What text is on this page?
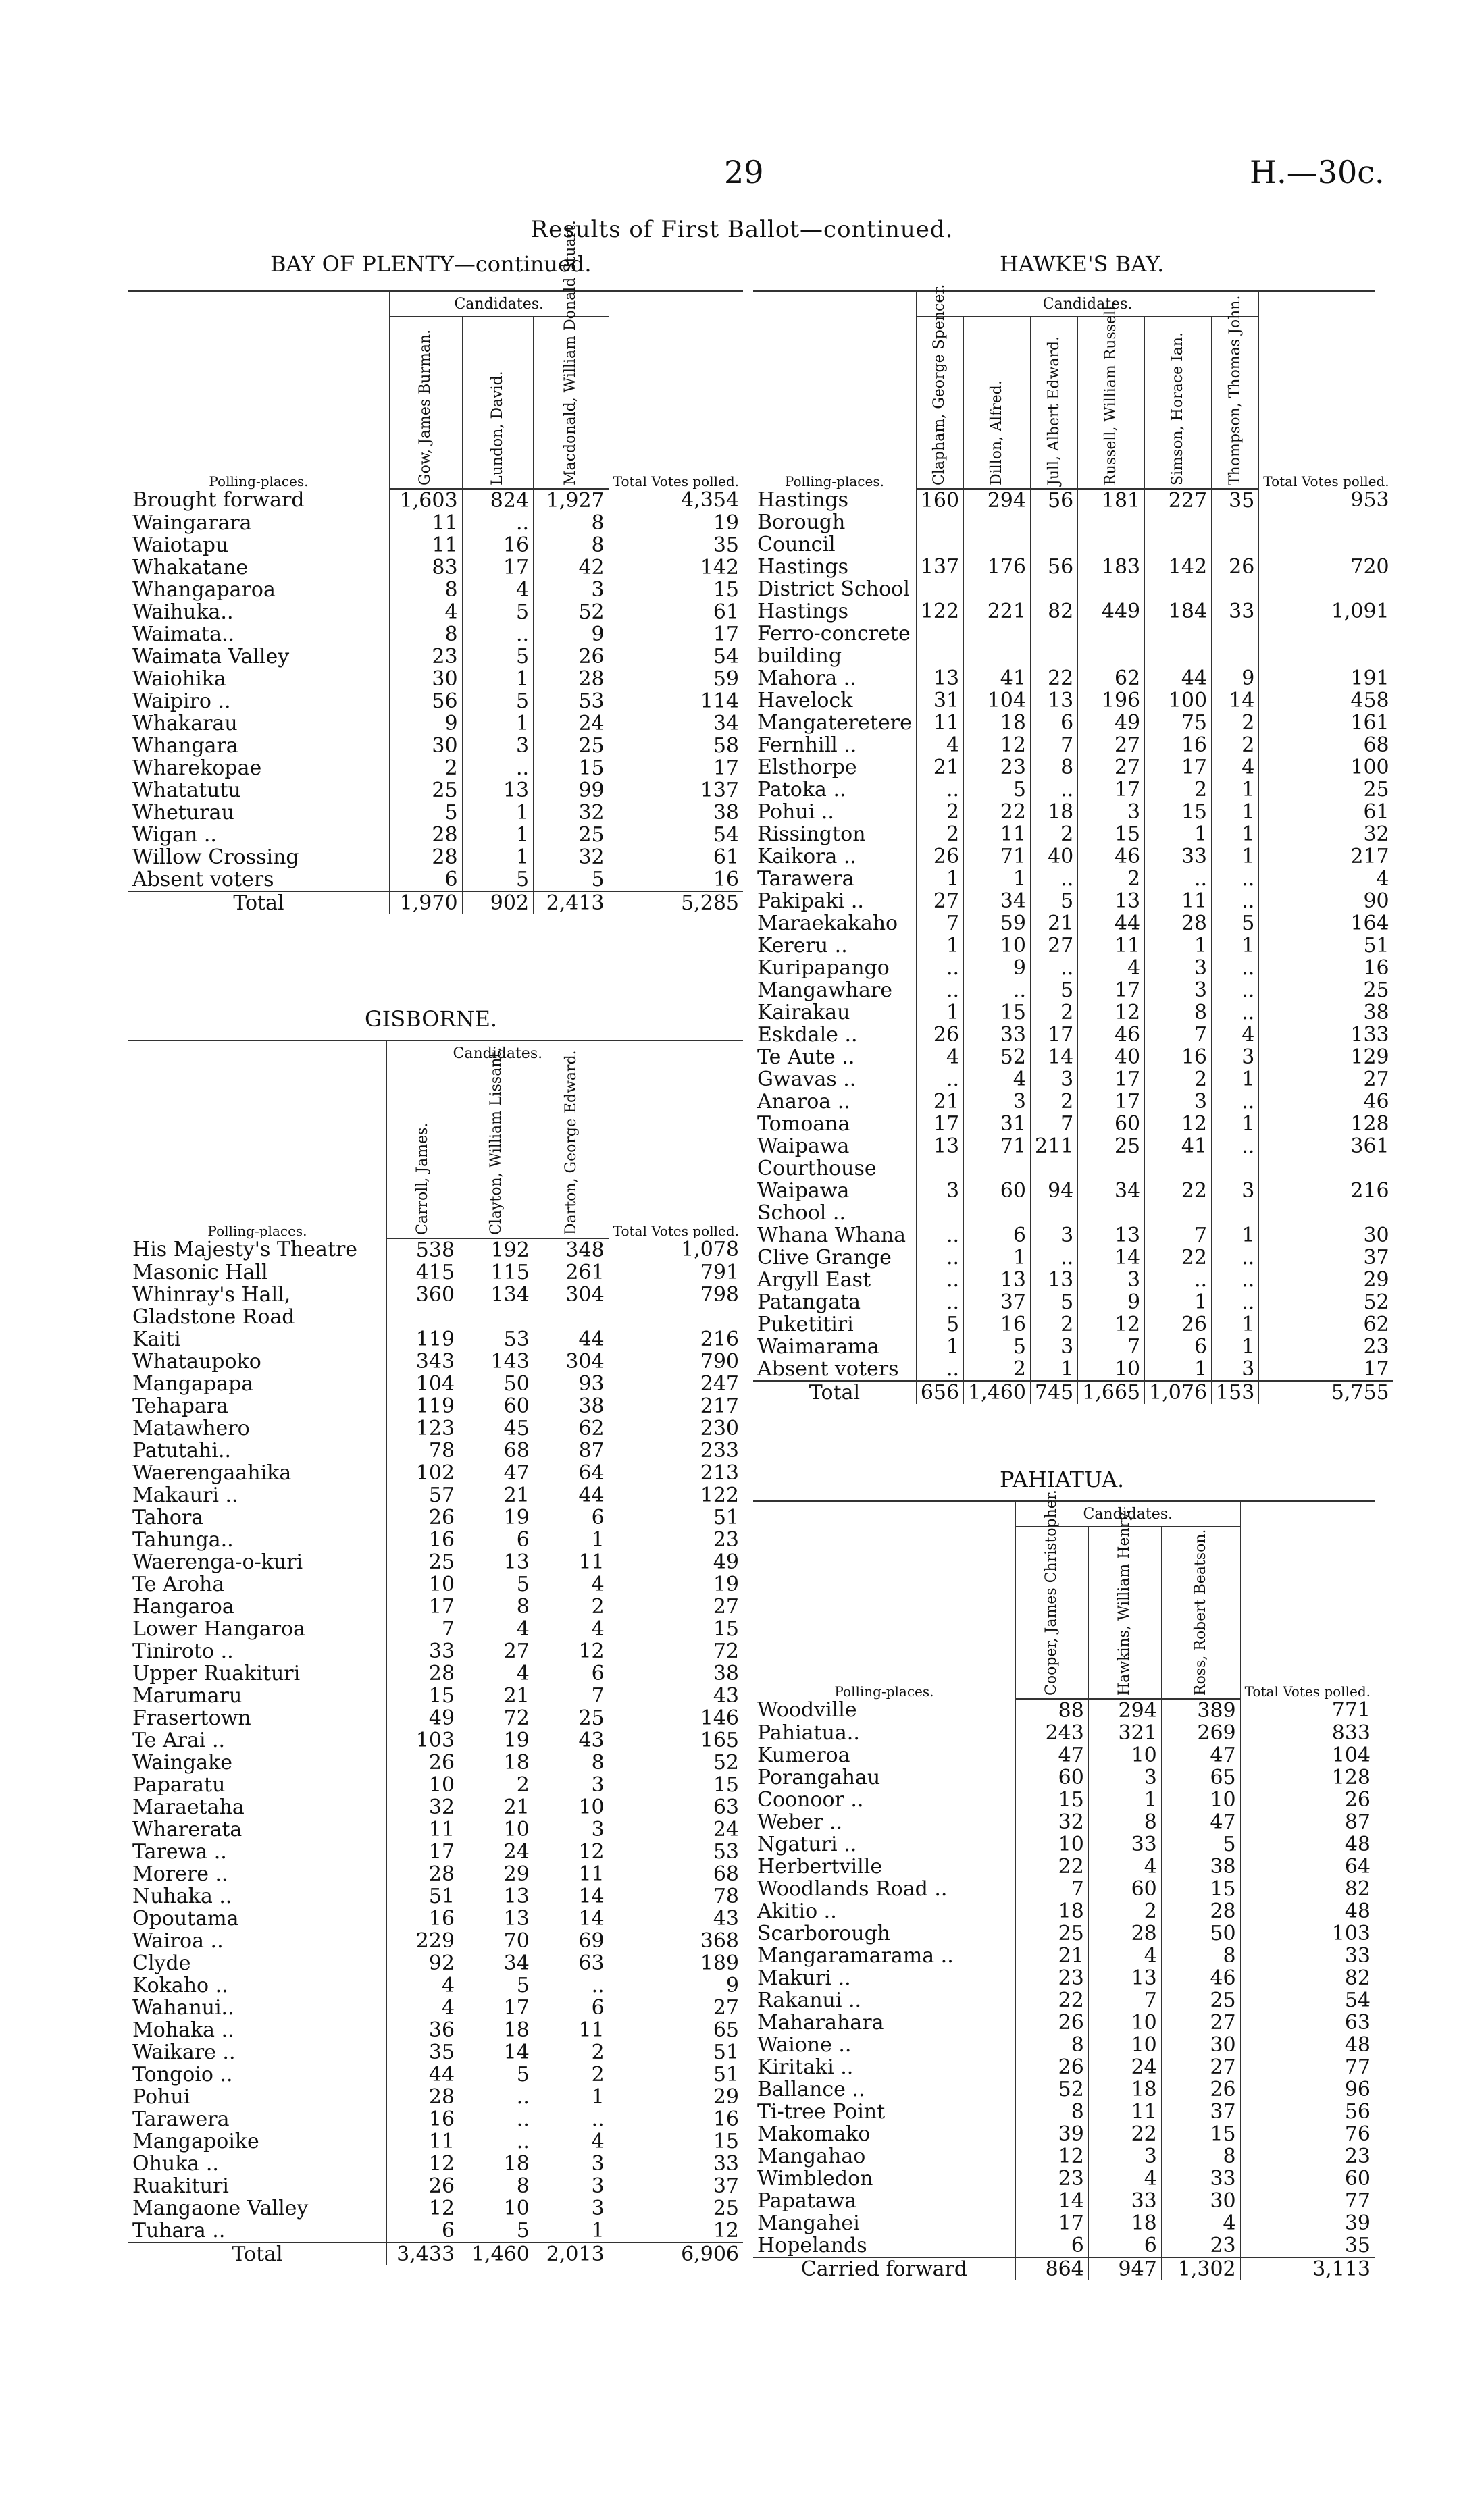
29	H.—30c.
Results of First Ballot—continued.
BAY OF PLENTY—continued.
Polling-places.	Candidates.			Total Votes polled.
	Gow, James Burman.	Lundon, David.	Macdonald, William Donald Stuart.	
Brought forward	1,603	824	1,927	4,354
Waingarara	11	..	8	19
Waiotapu	11	16	8	35
Whakatane	83	17	42	142
Whangaparoa	8	4	3	15
Waihuka..	4	5	52	61
Waimata..	8	..	9	17
Waimata Valley	23	5	26	54
Waiohika	30	1	28	59
Waipiro ..	56	5	53	114
Whakarau	9	1	24	34
Whangara	30	3	25	58
Wharekopae	2	..	15	17
Whatatutu	25	13	99	137
Wheturau	5	1	32	38
Wigan ..	28	1	25	54
Willow Crossing	28	1	32	61
Absent voters	6	5	5	16
Total	1,970	902	2,413	5,285
GISBORNE.
Polling-places.	Candidates.			Total Votes polled.
	Carroll, James.	Clayton, William Lissant.	Darton, George Edward.	
His Majesty's Theatre	538	192	348	1,078
Masonic Hall	415	115	261	791
Whinray's Hall, Gladstone Road	360	134	304	798
Kaiti	119	53	44	216
Whataupoko	343	143	304	790
Mangapapa	104	50	93	247
Tehapara	119	60	38	217
Matawhero	123	45	62	230
Patutahi..	78	68	87	233
Waerengaahika	102	47	64	213
Makauri ..	57	21	44	122
Tahora	26	19	6	51
Tahunga..	16	6	1	23
Waerenga-o-kuri	25	13	11	49
Te Aroha	10	5	4	19
Hangaroa	17	8	2	27
Lower Hangaroa	7	4	4	15
Tiniroto ..	33	27	12	72
Upper Ruakituri	28	4	6	38
Marumaru	15	21	7	43
Frasertown	49	72	25	146
Te Arai ..	103	19	43	165
Waingake	26	18	8	52
Paparatu	10	2	3	15
Maraetaha	32	21	10	63
Wharerata	11	10	3	24
Tarewa ..	17	24	12	53
Morere ..	28	29	11	68
Nuhaka ..	51	13	14	78
Opoutama	16	13	14	43
Wairoa ..	229	70	69	368
Clyde	92	34	63	189
Kokaho ..	4	5	..	9
Wahanui..	4	17	6	27
Mohaka ..	36	18	11	65
Waikare ..	35	14	2	51
Tongoio ..	44	5	2	51
Pohui	28	..	1	29
Tarawera	16	..	..	16
Mangapoike	11	..	4	15
Ohuka ..	12	18	3	33
Ruakituri	26	8	3	37
Mangaone Valley	12	10	3	25
Tuhara ..	6	5	1	12
Total	3,433	1,460	2,013	6,906
HAWKE'S BAY.
Polling-places.	Candidates.						Total Votes polled.
	Clapham, George Spencer.	Dillon, Alfred.	Jull, Albert Edward.	Russell, William Russell.	Simson, Horace Ian.	Thompson, Thomas John.	
Hastings Borough Council	160	294	56	181	227	35	953
Hastings District School	137	176	56	183	142	26	720
Hastings Ferro-concrete building	122	221	82	449	184	33	1,091
Mahora ..	13	41	22	62	44	9	191
Havelock	31	104	13	196	100	14	458
Mangateretere	11	18	6	49	75	2	161
Fernhill ..	4	12	7	27	16	2	68
Elsthorpe	21	23	8	27	17	4	100
Patoka ..	..	5	..	17	2	1	25
Pohui ..	2	22	18	3	15	1	61
Rissington	2	11	2	15	1	1	32
Kaikora ..	26	71	40	46	33	1	217
Tarawera	1	1	..	2	..	..	4
Pakipaki ..	27	34	5	13	11	..	90
Maraekakaho	7	59	21	44	28	5	164
Kereru ..	1	10	27	11	1	1	51
Kuripapango	..	9	..	4	3	..	16
Mangawhare	..	..	5	17	3	..	25
Kairakau	1	15	2	12	8	..	38
Eskdale ..	26	33	17	46	7	4	133
Te Aute ..	4	52	14	40	16	3	129
Gwavas ..	..	4	3	17	2	1	27
Anaroa ..	21	3	2	17	3	..	46
Tomoana	17	31	7	60	12	1	128
Waipawa Courthouse	13	71	211	25	41	..	361
Waipawa School ..	3	60	94	34	22	3	216
Whana Whana	..	6	3	13	7	1	30
Clive Grange	..	1	..	14	22	..	37
Argyll East	..	13	13	3	..	..	29
Patangata	..	37	5	9	1	..	52
Puketitiri	5	16	2	12	26	1	62
Waimarama	1	5	3	7	6	1	23
Absent voters	..	2	1	10	1	3	17
Total	656	1,460	745	1,665	1,076	153	5,755
PAHIATUA.
Polling-places.	Candidates.			Total Votes polled.
	Cooper, James Christopher.	Hawkins, William Henry.	Ross, Robert Beatson.	
Woodville	88	294	389	771
Pahiatua..	243	321	269	833
Kumeroa	47	10	47	104
Porangahau	60	3	65	128
Coonoor ..	15	1	10	26
Weber ..	32	8	47	87
Ngaturi ..	10	33	5	48
Herbertville	22	4	38	64
Woodlands Road ..	7	60	15	82
Akitio ..	18	2	28	48
Scarborough	25	28	50	103
Mangaramarama ..	21	4	8	33
Makuri ..	23	13	46	82
Rakanui ..	22	7	25	54
Maharahara	26	10	27	63
Waione ..	8	10	30	48
Kiritaki ..	26	24	27	77
Ballance ..	52	18	26	96
Ti-tree Point	8	11	37	56
Makomako	39	22	15	76
Mangahao	12	3	8	23
Wimbledon	23	4	33	60
Papatawa	14	33	30	77
Mangahei	17	18	4	39
Hopelands	6	6	23	35
Carried forward	864	947	1,302	3,113
